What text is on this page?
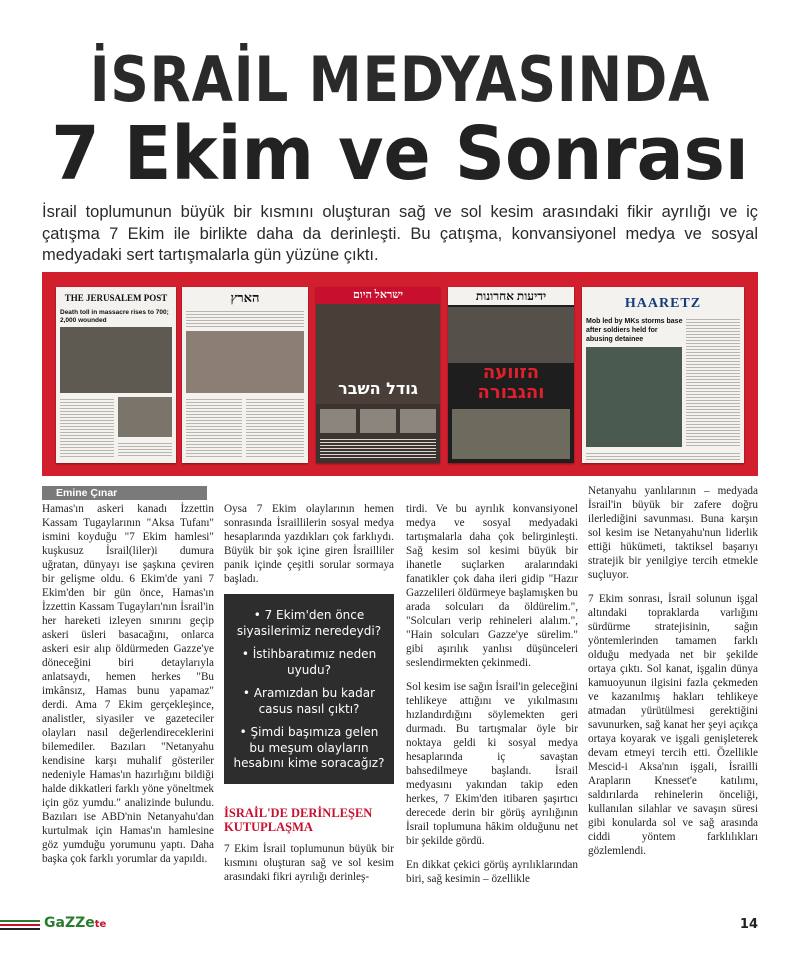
İSRAİL MEDYASINDA
7 Ekim ve Sonrası
İsrail toplumunun büyük bir kısmını oluşturan sağ ve sol kesim arasındaki fikir ayrılığı ve iç çatışma 7 Ekim ile birlikte daha da derinleşti. Bu çatışma, konvansiyonel medya ve sosyal medyadaki sert tartışmalarla gün yüzüne çıktı.
THE JERUSALEM POST
Death toll in massacre rises to 700; 2,000 wounded
הארץ	ישראל היום
גודל השבר
ידיעות אחרונות
הזוועה והגבורה
HAARETZ
Mob led by MKs storms base after soldiers held for abusing detainee
Emine Çınar

Hamas'ın askeri kanadı İzzettin Kassam Tugaylarının "Aksa Tufanı" ismini koyduğu "7 Ekim hamlesi" kuşkusuz İsrail(liler)i dumura uğratan, dünyayı ise şaşkına çeviren bir gelişme oldu. 6 Ekim'de yani 7 Ekim'den bir gün önce, Hamas'ın İzzettin Kassam Tugayları'nın İsrail'in her hareketi izleyen sınırını geçip askeri üsleri basacağını, onlarca askeri esir alıp öldürmeden Gazze'ye döneceğini biri detaylarıyla anlatsaydı, hemen herkes "Bu imkânsız, Hamas bunu yapamaz" derdi. Ama 7 Ekim gerçekleşince, analistler, siyasiler ve gazeteciler olayları nasıl değerlendireceklerini bilemediler. Bazıları "Netanyahu kendisine karşı muhalif gösteriler nedeniyle Hamas'ın hazırlığını bildiği halde dikkatleri farklı yöne yöneltmek için göz yumdu." analizinde bulundu. Bazıları ise ABD'nin Netanyahu'dan kurtulmak için Hamas'ın hamlesine göz yumduğu yorumunu yaptı. Daha başka çok farklı yorumlar da yapıldı.

Oysa 7 Ekim olaylarının hemen sonrasında İsraillilerin sosyal medya hesaplarında yazdıkları çok farklıydı. Büyük bir şok içine giren İsrailliler panik içinde çeşitli sorular sormaya başladı.

• 7 Ekim'den önce siyasilerimiz neredeydi?
• İstihbaratımız neden uyudu?
• Aramızdan bu kadar casus nasıl çıktı?
• Şimdi başımıza gelen bu meşum olayların hesabını kime soracağız?
İSRAİL'DE DERİNLEŞEN KUTUPLAŞMA

7 Ekim İsrail toplumunun büyük bir kısmını oluşturan sağ ve sol kesim arasındaki fikri ayrılığı derinleş-

tirdi. Ve bu ayrılık konvansiyonel medya ve sosyal medyadaki tartışmalarla daha çok belirginleşti. Sağ kesim sol kesimi büyük bir ihanetle suçlarken aralarındaki fanatikler çok daha ileri gidip "Hazır Gazzelileri öldürmeye başlamışken bu arada solcuları da öldürelim.", "Solcuları verip rehineleri alalım.", "Hain solcuları Gazze'ye sürelim." gibi aşırılık yanlısı düşünceleri seslendirmekten çekinmedi.

Sol kesim ise sağın İsrail'in geleceğini tehlikeye attığını ve yıkılmasını hızlandırdığını söylemekten geri durmadı. Bu tartışmalar öyle bir noktaya geldi ki sosyal medya hesaplarında iç savaştan bahsedilmeye başlandı. İsrail medyasını yakından takip eden herkes, 7 Ekim'den itibaren şaşırtıcı derecede derin bir görüş ayrılığının İsrail toplumuna hâkim olduğunu net bir şekilde gördü.

En dikkat çekici görüş ayrılıklarından biri, sağ kesimin – özellikle

Netanyahu yanlılarının – medyada İsrail'in büyük bir zafere doğru ilerlediğini savunması. Buna karşın sol kesim ise Netanyahu'nun liderlik ettiği hükümeti, taktiksel başarıyı stratejik bir yenilgiye tercih etmekle suçluyor.

7 Ekim sonrası, İsrail solunun işgal altındaki topraklarda varlığını sürdürme stratejisinin, sağın yöntemlerinden tamamen farklı olduğu medyada net bir şekilde ortaya çıktı. Sol kanat, işgalin dünya kamuoyunun ilgisini fazla çekmeden ve kazanılmış hakları tehlikeye atmadan yürütülmesi gerektiğini savunurken, sağ kanat her şeyi açıkça ortaya koyarak ve işgali genişleterek devam etmeyi tercih etti. Özellikle Mescid-i Aksa'nın işgali, İsrailli Arapların Knesset'e katılımı, saldırılarda rehinelerin önceliği, kullanılan silahlar ve savaşın süresi gibi konularda sol ve sağ arasında ciddi yöntem farklılıkları gözlemlendi.

GaZZete	14
